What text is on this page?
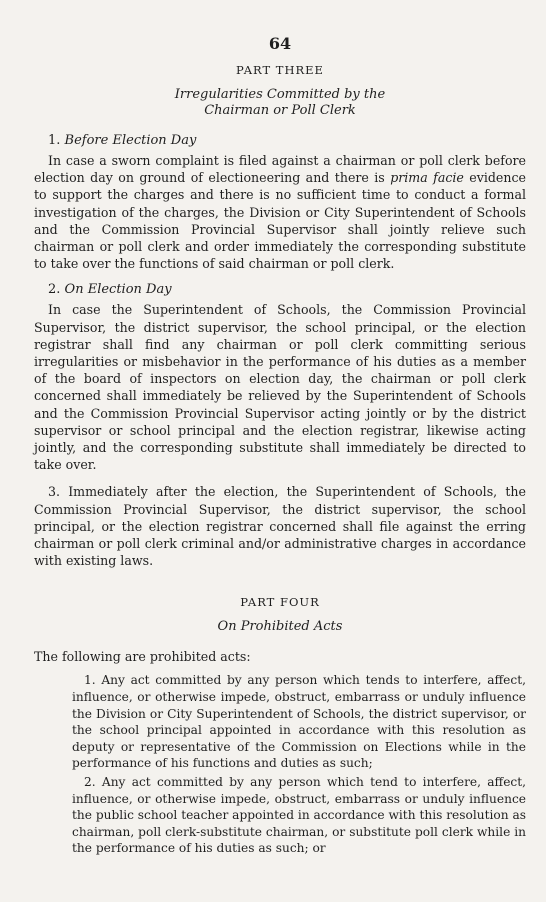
64
PART THREE
Irregularities Committed by the
Chairman or Poll Clerk
1. Before Election Day

In case a sworn complaint is filed against a chairman or poll clerk before election day on ground of electioneering and there is prima facie evidence to support the charges and there is no sufficient time to conduct a formal investigation of the charges, the Division or City Superintendent of Schools and the Commission Provincial Supervisor shall jointly relieve such chairman or poll clerk and order immediately the corresponding substitute to take over the functions of said chairman or poll clerk.

2. On Election Day

In case the Superintendent of Schools, the Commission Provincial Supervisor, the district supervisor, the school principal, or the election registrar shall find any chairman or poll clerk committing serious irregularities or misbehavior in the performance of his duties as a member of the board of inspectors on election day, the chairman or poll clerk concerned shall immediately be relieved by the Superintendent of Schools and the Commission Provincial Supervisor acting jointly or by the district supervisor or school principal and the election registrar, likewise acting jointly, and the corresponding substitute shall immediately be directed to take over.

3. Immediately after the election, the Superintendent of Schools, the Commission Provincial Supervisor, the district supervisor, the school principal, or the election registrar concerned shall file against the erring chairman or poll clerk criminal and/or administrative charges in accordance with existing laws.

PART FOUR
On Prohibited Acts
The following are prohibited acts:
1. Any act committed by any person which tends to interfere, affect, influence, or otherwise impede, obstruct, embarrass or unduly influence the Division or City Superintendent of Schools, the district supervisor, or the school principal appointed in accordance with this resolution as deputy or representative of the Commission on Elections while in the performance of his functions and duties as such;
2. Any act committed by any person which tend to interfere, affect, influence, or otherwise impede, obstruct, embarrass or unduly influence the public school teacher appointed in accordance with this resolution as chairman, poll clerk-substitute chairman, or substitute poll clerk while in the performance of his duties as such; or
